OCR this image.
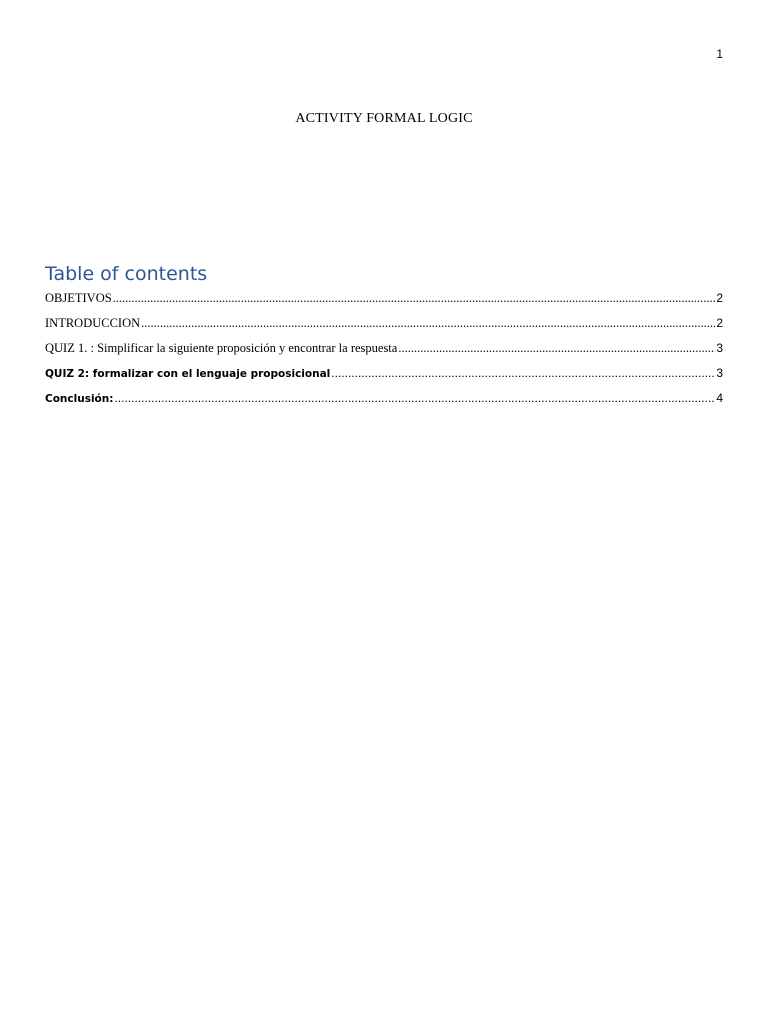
1
ACTIVITY FORMAL LOGIC
Table of contents
OBJETIVOS .....	2
INTRODUCCION .....	2
QUIZ 1. : Simplificar la siguiente proposición y encontrar la respuesta .....	3
QUIZ 2: formalizar con el lenguaje proposicional .....	3
Conclusión: .....	4
